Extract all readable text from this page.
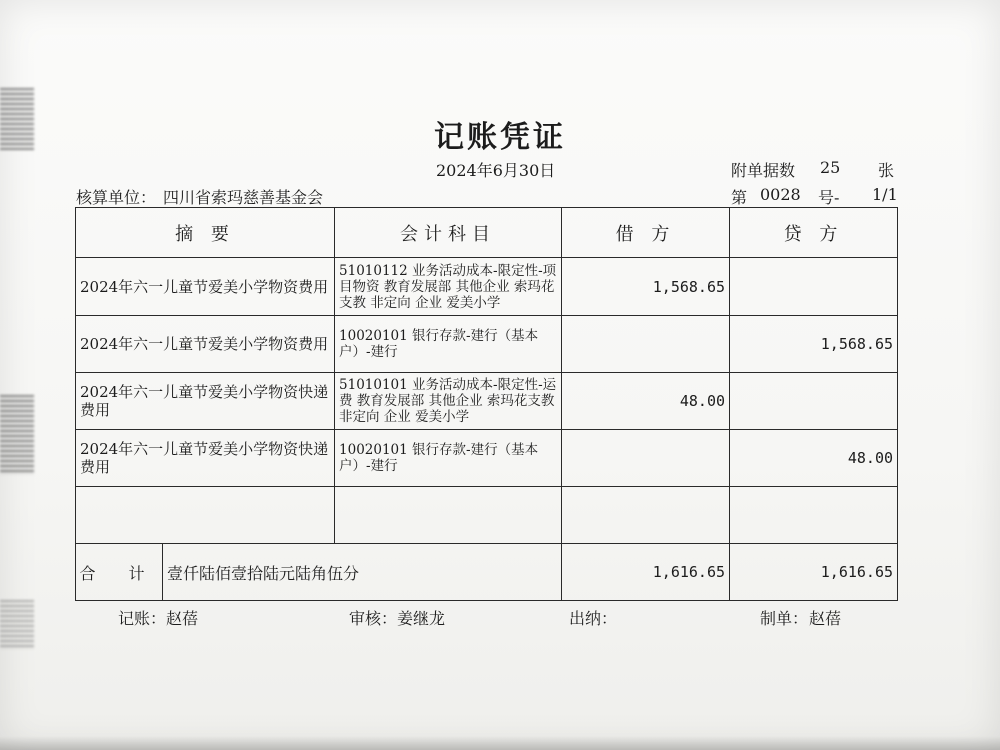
记账凭证
2024年6月30日	附单据数 25 张
核算单位： 四川省索玛慈善基金会	第 0028 号- 1/1
摘 要		会计科目	借 方	贷 方
2024年六一儿童节爱美小学物资费用		51010112 业务活动成本-限定性-项目物资 教育发展部 其他企业 索玛花支教 非定向 企业 爱美小学	1,568.65	
2024年六一儿童节爱美小学物资费用		10020101 银行存款-建行（基本户）-建行		1,568.65
2024年六一儿童节爱美小学物资快递费用		51010101 业务活动成本-限定性-运费 教育发展部 其他企业 索玛花支教 非定向 企业 爱美小学	48.00	
2024年六一儿童节爱美小学物资快递费用		10020101 银行存款-建行（基本户）-建行		48.00

合 计	壹仟陆佰壹拾陆元陆角伍分		1,616.65	1,616.65
记账： 赵蓓	审核： 姜继龙	出纳：	制单： 赵蓓
